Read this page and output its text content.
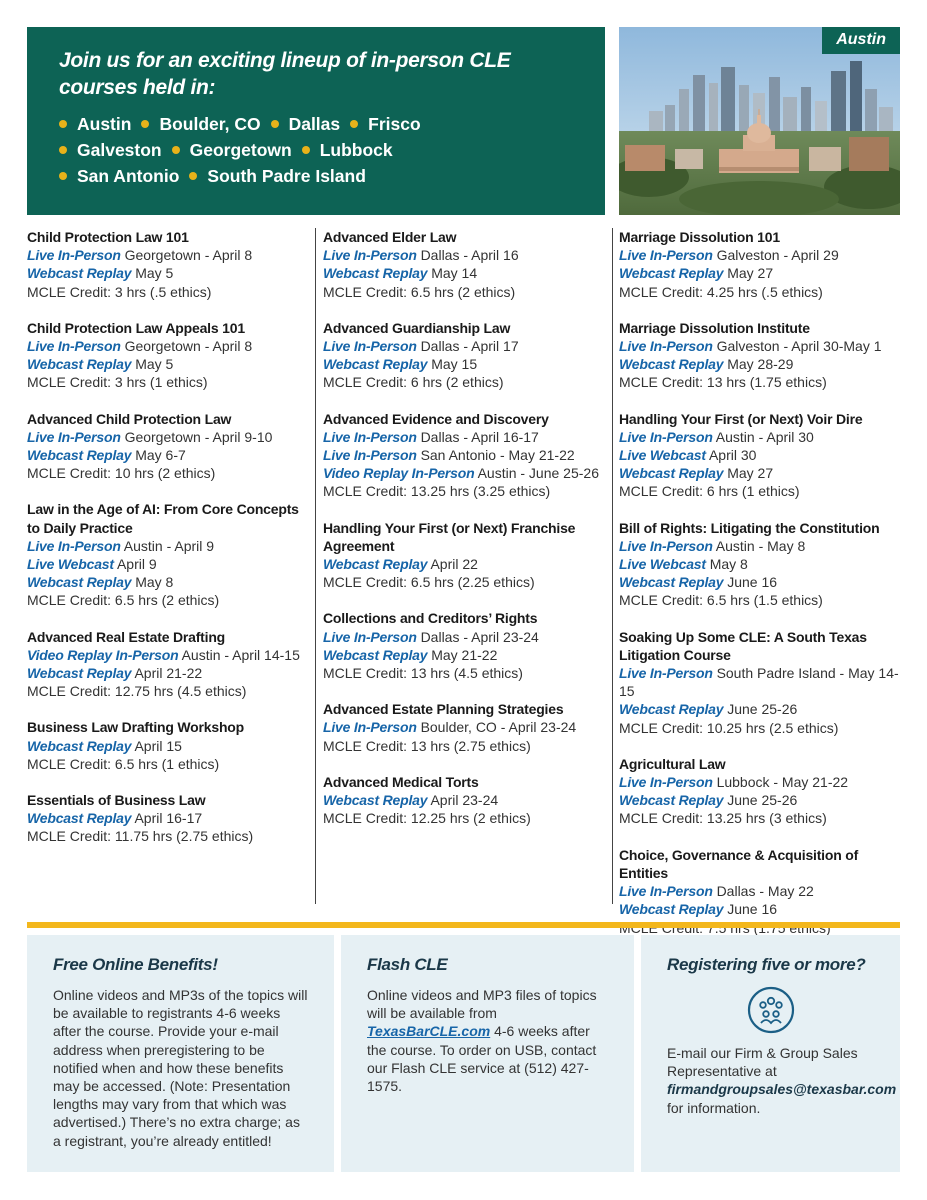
Join us for an exciting lineup of in-person CLE courses held in:
Austin Boulder, CO Dallas Frisco
Galveston Georgetown Lubbock
San Antonio South Padre Island
Austin
Child Protection Law 101
Live In-Person Georgetown - April 8
Webcast Replay May 5
MCLE Credit: 3 hrs (.5 ethics)
Child Protection Law Appeals 101
Live In-Person Georgetown - April 8
Webcast Replay May 5
MCLE Credit: 3 hrs (1 ethics)
Advanced Child Protection Law
Live In-Person Georgetown - April 9-10
Webcast Replay May 6-7
MCLE Credit: 10 hrs (2 ethics)
Law in the Age of AI: From Core Concepts to Daily Practice
Live In-Person Austin - April 9
Live Webcast April 9
Webcast Replay May 8
MCLE Credit: 6.5 hrs (2 ethics)
Advanced Real Estate Drafting
Video Replay In-Person Austin - April 14-15
Webcast Replay April 21-22
MCLE Credit: 12.75 hrs (4.5 ethics)
Business Law Drafting Workshop
Webcast Replay April 15
MCLE Credit: 6.5 hrs (1 ethics)
Essentials of Business Law
Webcast Replay April 16-17
MCLE Credit: 11.75 hrs (2.75 ethics)
Advanced Elder Law
Live In-Person Dallas - April 16
Webcast Replay May 14
MCLE Credit: 6.5 hrs (2 ethics)
Advanced Guardianship Law
Live In-Person Dallas - April 17
Webcast Replay May 15
MCLE Credit: 6 hrs (2 ethics)
Advanced Evidence and Discovery
Live In-Person Dallas - April 16-17
Live In-Person San Antonio - May 21-22
Video Replay In-Person Austin - June 25-26
MCLE Credit: 13.25 hrs (3.25 ethics)
Handling Your First (or Next) Franchise Agreement
Webcast Replay April 22
MCLE Credit: 6.5 hrs (2.25 ethics)
Collections and Creditors’ Rights
Live In-Person Dallas - April 23-24
Webcast Replay May 21-22
MCLE Credit: 13 hrs (4.5 ethics)
Advanced Estate Planning Strategies
Live In-Person Boulder, CO - April 23-24
MCLE Credit: 13 hrs (2.75 ethics)
Advanced Medical Torts
Webcast Replay April 23-24
MCLE Credit: 12.25 hrs (2 ethics)
Marriage Dissolution 101
Live In-Person Galveston - April 29
Webcast Replay May 27
MCLE Credit: 4.25 hrs (.5 ethics)
Marriage Dissolution Institute
Live In-Person Galveston - April 30-May 1
Webcast Replay May 28-29
MCLE Credit: 13 hrs (1.75 ethics)
Handling Your First (or Next) Voir Dire
Live In-Person Austin - April 30
Live Webcast April 30
Webcast Replay May 27
MCLE Credit: 6 hrs (1 ethics)
Bill of Rights: Litigating the Constitution
Live In-Person Austin - May 8
Live Webcast May 8
Webcast Replay June 16
MCLE Credit: 6.5 hrs (1.5 ethics)
Soaking Up Some CLE: A South Texas Litigation Course
Live In-Person South Padre Island - May 14-15
Webcast Replay June 25-26
MCLE Credit: 10.25 hrs (2.5 ethics)
Agricultural Law
Live In-Person Lubbock - May 21-22
Webcast Replay June 25-26
MCLE Credit: 13.25 hrs (3 ethics)
Choice, Governance & Acquisition of Entities
Live In-Person Dallas - May 22
Webcast Replay June 16
Free Online Benefits!

Online videos and MP3s of the topics will be available to registrants 4-6 weeks after the course. Provide your e-mail address when preregistering to be notified when and how these benefits may be accessed. (Note: Presentation lengths may vary from that which was advertised.) There’s no extra charge; as a registrant, you’re already entitled!

Flash CLE

Online videos and MP3 files of topics will be available from TexasBarCLE.com 4-6 weeks after the course. To order on USB, contact our Flash CLE service at (512) 427-1575.

Registering five or more?

E-mail our Firm & Group Sales Representative at firmandgroupsales@texasbar.com for information.
